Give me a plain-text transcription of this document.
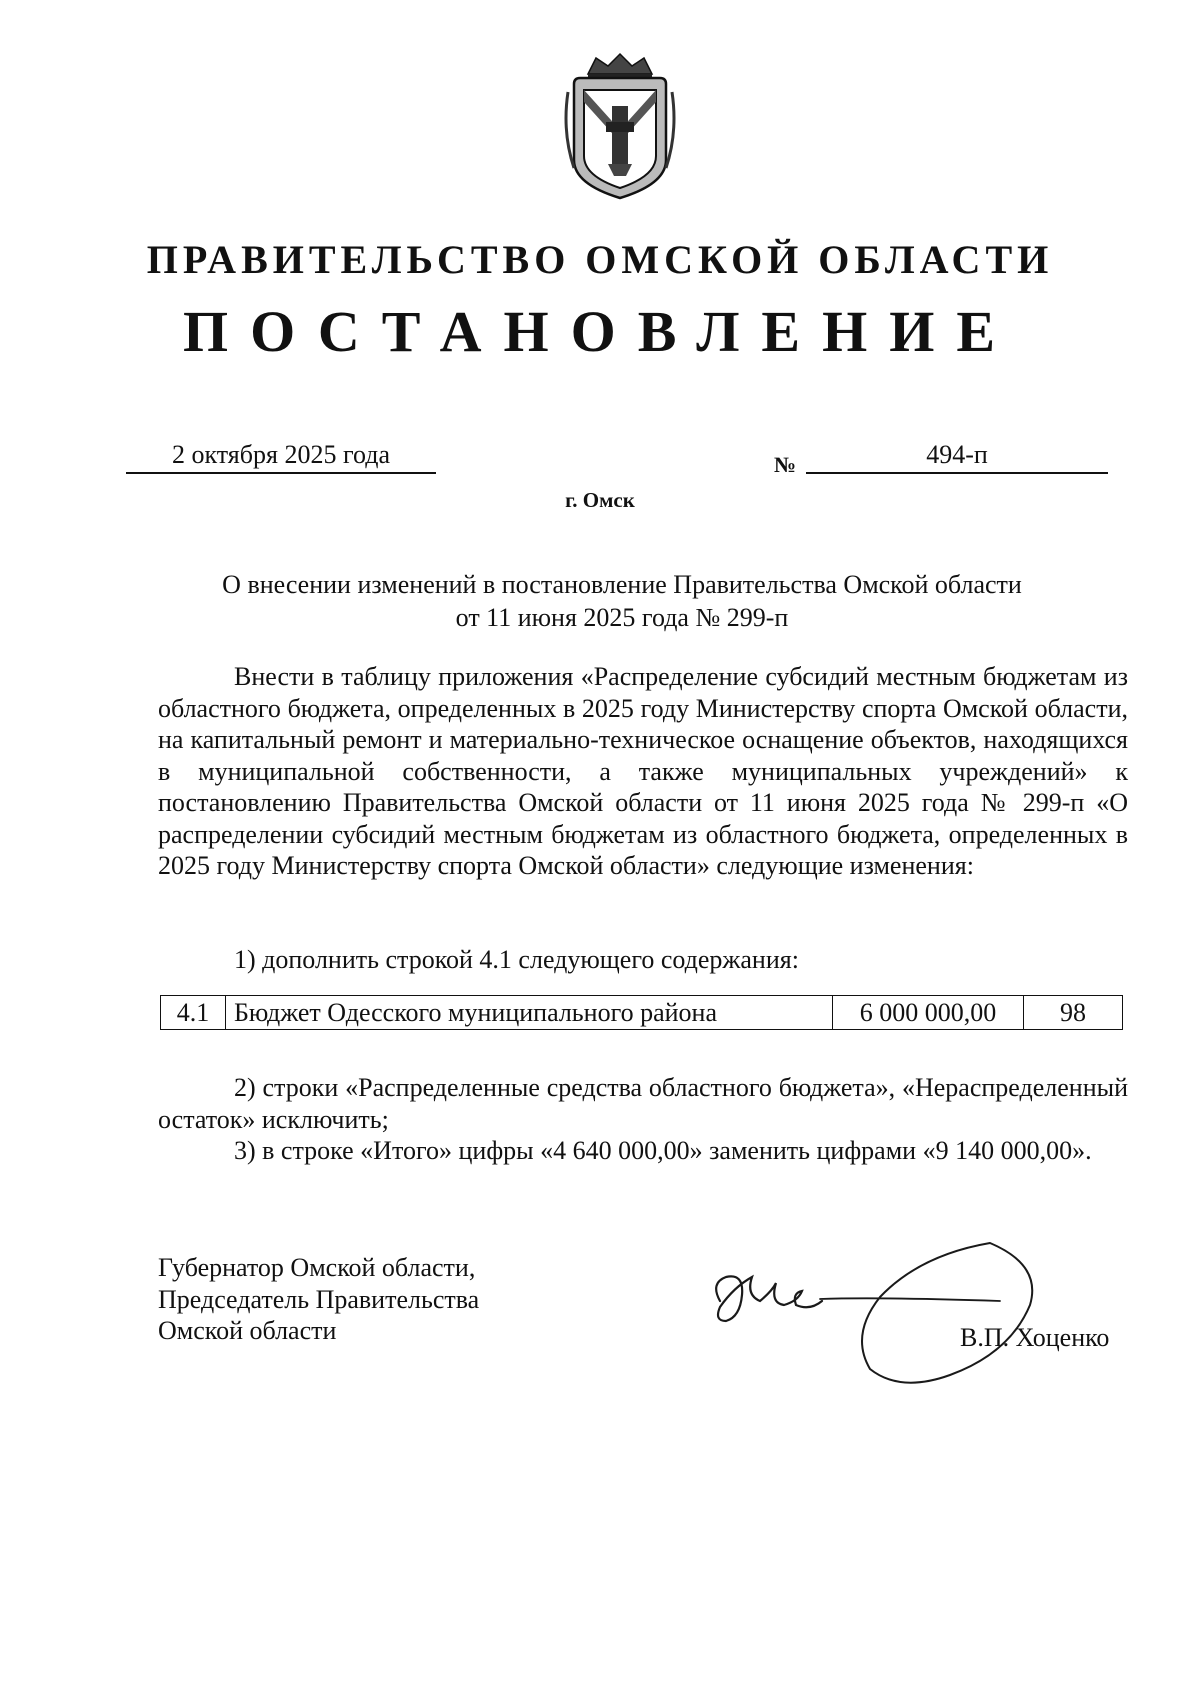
ПРАВИТЕЛЬСТВО ОМСКОЙ ОБЛАСТИ
ПОСТАНОВЛЕНИЕ
2 октября 2025 года	№	494-п
г. Омск
О внесении изменений в постановление Правительства Омской области
от 11 июня 2025 года № 299-п
Внести в таблицу приложения «Распределение субсидий местным бюджетам из областного бюджета, определенных в 2025 году Министерству спорта Омской области, на капитальный ремонт и материально-техническое оснащение объектов, находящихся в муниципальной собственности, а также муниципальных учреждений» к постановлению Правительства Омской области от 11 июня 2025 года № 299-п «О распределении субсидий местным бюджетам из областного бюджета, определенных в 2025 году Министерству спорта Омской области» следующие изменения:
1) дополнить строкой 4.1 следующего содержания:
4.1	Бюджет Одесского муниципального района	6 000 000,00	98
2) строки «Распределенные средства областного бюджета», «Нераспределенный остаток» исключить;
3) в строке «Итого» цифры «4 640 000,00» заменить цифрами «9 140 000,00».
Губернатор Омской области,
Председатель Правительства
Омской области	В.П. Хоценко
